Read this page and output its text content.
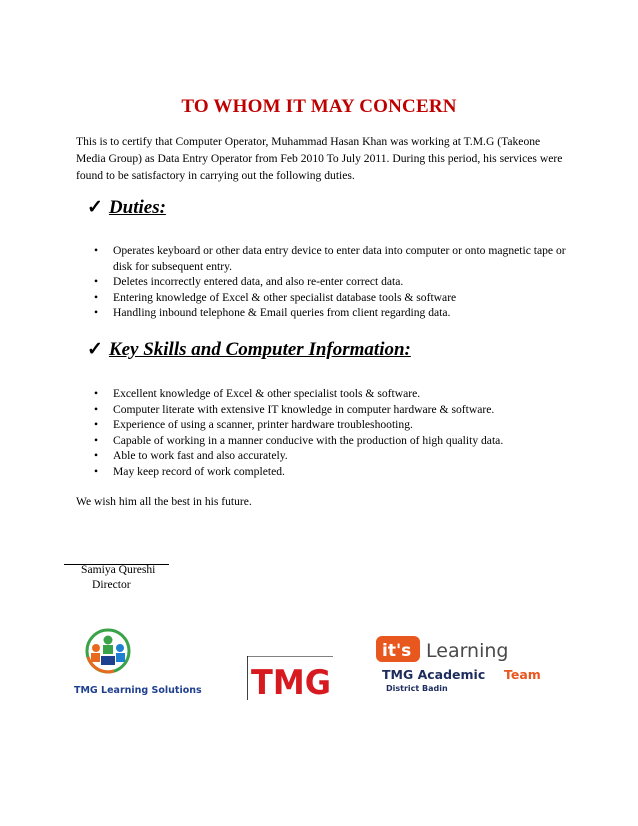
TO WHOM IT MAY CONCERN
This is to certify that Computer Operator, Muhammad Hasan Khan was working at T.M.G (Takeone Media Group) as Data Entry Operator from Feb 2010 To July 2011. During this period, his services were found to be satisfactory in carrying out the following duties.
✓ Duties:
• Operates keyboard or other data entry device to enter data into computer or onto magnetic tape or disk for subsequent entry.
• Deletes incorrectly entered data, and also re-enter correct data.
• Entering knowledge of Excel & other specialist database tools & software
• Handling inbound telephone & Email queries from client regarding data.
✓ Key Skills and Computer Information:
• Excellent knowledge of Excel & other specialist tools & software.
• Computer literate with extensive IT knowledge in computer hardware & software.
• Experience of using a scanner, printer hardware troubleshooting.
• Capable of working in a manner conducive with the production of high quality data.
• Able to work fast and also accurately.
• May keep record of work completed.
We wish him all the best in his future.
Samiya Qureshi
Director
TMG Learning Solutions TMG
it's Learning
TMG Academic Team
District Badin
